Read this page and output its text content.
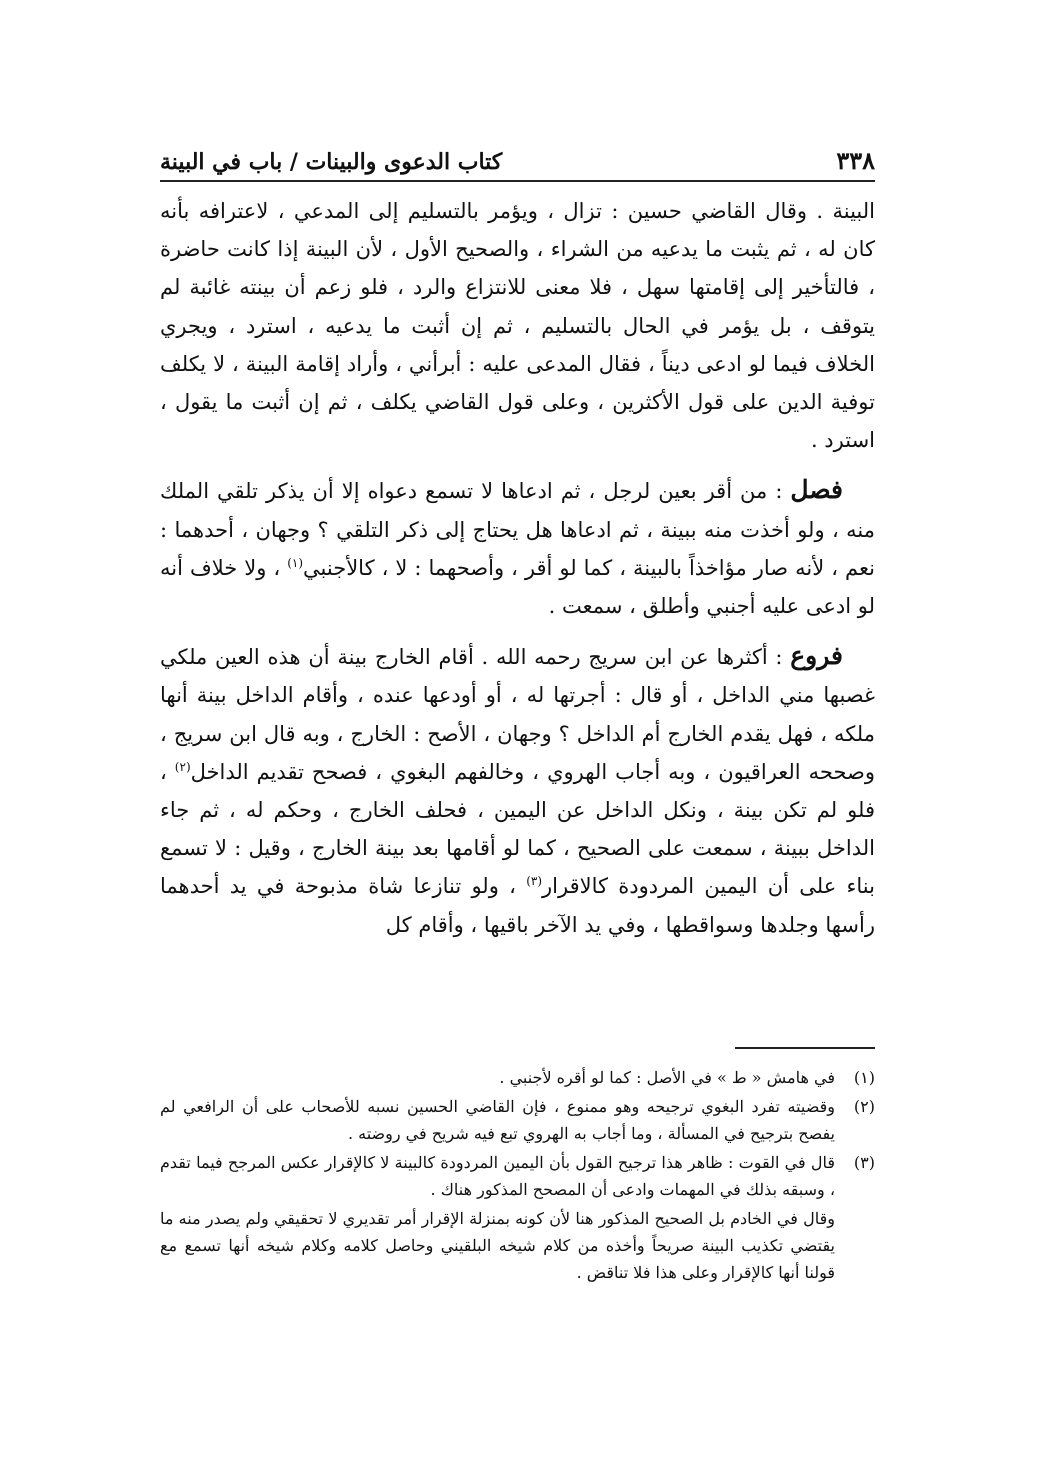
كتاب الدعوى والبينات / باب في البينة	٣٣٨

البينة . وقال القاضي حسين : تزال ، ويؤمر بالتسليم إلى المدعي ، لاعترافه بأنه كان له ، ثم يثبت ما يدعيه من الشراء ، والصحيح الأول ، لأن البينة إذا كانت حاضرة ، فالتأخير إلى إقامتها سهل ، فلا معنى للانتزاع والرد ، فلو زعم أن بينته غائبة لم يتوقف ، بل يؤمر في الحال بالتسليم ، ثم إن أثبت ما يدعيه ، استرد ، ويجري الخلاف فيما لو ادعى ديناً ، فقال المدعى عليه : أبرأني ، وأراد إقامة البينة ، لا يكلف توفية الدين على قول الأكثرين ، وعلى قول القاضي يكلف ، ثم إن أثبت ما يقول ، استرد .

فصل : من أقر بعين لرجل ، ثم ادعاها لا تسمع دعواه إلا أن يذكر تلقي الملك منه ، ولو أخذت منه ببينة ، ثم ادعاها هل يحتاج إلى ذكر التلقي ؟ وجهان ، أحدهما : نعم ، لأنه صار مؤاخذاً بالبينة ، كما لو أقر ، وأصحهما : لا ، كالأجنبي$^{(١)}$ ، ولا خلاف أنه لو ادعى عليه أجنبي وأطلق ، سمعت .

فروع : أكثرها عن ابن سريج رحمه الله . أقام الخارج بينة أن هذه العين ملكي غصبها مني الداخل ، أو قال : أجرتها له ، أو أودعها عنده ، وأقام الداخل بينة أنها ملكه ، فهل يقدم الخارج أم الداخل ؟ وجهان ، الأصح : الخارج ، وبه قال ابن سريج ، وصححه العراقيون ، وبه أجاب الهروي ، وخالفهم البغوي ، فصحح تقديم الداخل$^{(٢)}$ ، فلو لم تكن بينة ، ونكل الداخل عن اليمين ، فحلف الخارج ، وحكم له ، ثم جاء الداخل ببينة ، سمعت على الصحيح ، كما لو أقامها بعد بينة الخارج ، وقيل : لا تسمع بناء على أن اليمين المردودة كالاقرار$^{(٣)}$ ، ولو تنازعا شاة مذبوحة في يد أحدهما رأسها وجلدها وسواقطها ، وفي يد الآخر باقيها ، وأقام كل

(١)
في هامش « ط » في الأصل : كما لو أقره لأجنبي .
(٢)
وقضيته تفرد البغوي ترجيحه وهو ممنوع ، فإن القاضي الحسين نسبه للأصحاب على أن الرافعي لم يفصح بترجيح في المسألة ، وما أجاب به الهروي تبع فيه شريح في روضته .
(٣)
قال في القوت : ظاهر هذا ترجيح القول بأن اليمين المردودة كالبينة لا كالإقرار عكس المرجح فيما تقدم ، وسبقه بذلك في المهمات وادعى أن المصحح المذكور هناك .
وقال في الخادم بل الصحيح المذكور هنا لأن كونه بمنزلة الإقرار أمر تقديري لا تحقيقي ولم يصدر منه ما يقتضي تكذيب البينة صريحاً وأخذه من كلام شيخه البلقيني وحاصل كلامه وكلام شيخه أنها تسمع مع قولنا أنها كالإقرار وعلى هذا فلا تناقض .
